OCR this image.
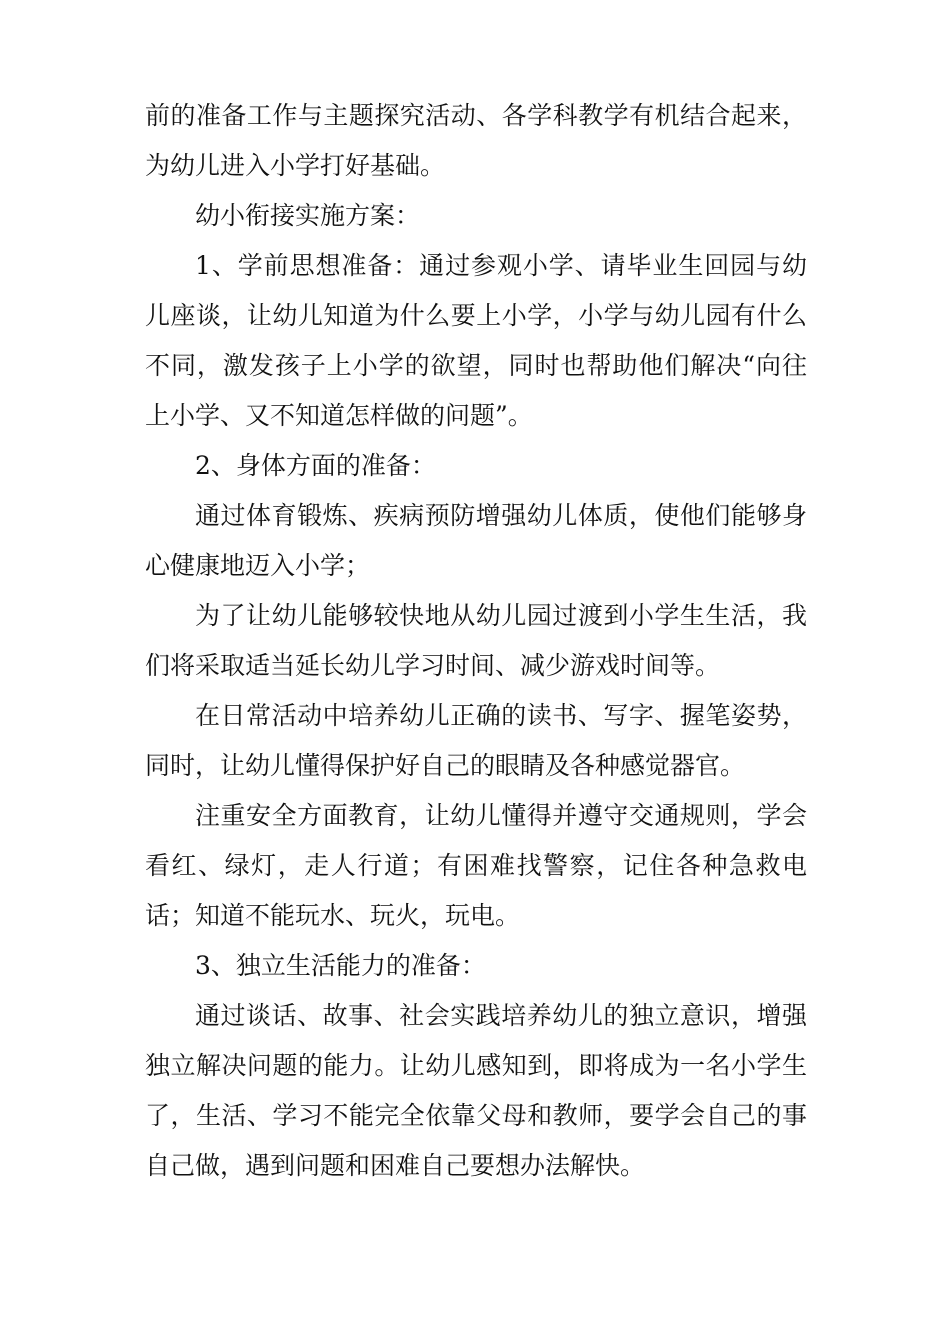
前的准备工作与主题探究活动、各学科教学有机结合起来，为幼儿进入小学打好基础。

幼小衔接实施方案：

1、学前思想准备：通过参观小学、请毕业生回园与幼儿座谈，让幼儿知道为什么要上小学，小学与幼儿园有什么不同，激发孩子上小学的欲望，同时也帮助他们解决“向往上小学、又不知道怎样做的问题”。

2、身体方面的准备：

通过体育锻炼、疾病预防增强幼儿体质，使他们能够身心健康地迈入小学；

为了让幼儿能够较快地从幼儿园过渡到小学生生活，我们将采取适当延长幼儿学习时间、减少游戏时间等。

在日常活动中培养幼儿正确的读书、写字、握笔姿势，同时，让幼儿懂得保护好自己的眼睛及各种感觉器官。

注重安全方面教育，让幼儿懂得并遵守交通规则，学会看红、绿灯，走人行道；有困难找警察，记住各种急救电话；知道不能玩水、玩火，玩电。

3、独立生活能力的准备：

通过谈话、故事、社会实践培养幼儿的独立意识，增强独立解决问题的能力。让幼儿感知到，即将成为一名小学生了，生活、学习不能完全依靠父母和教师，要学会自己的事自己做，遇到问题和困难自己要想办法解快。
